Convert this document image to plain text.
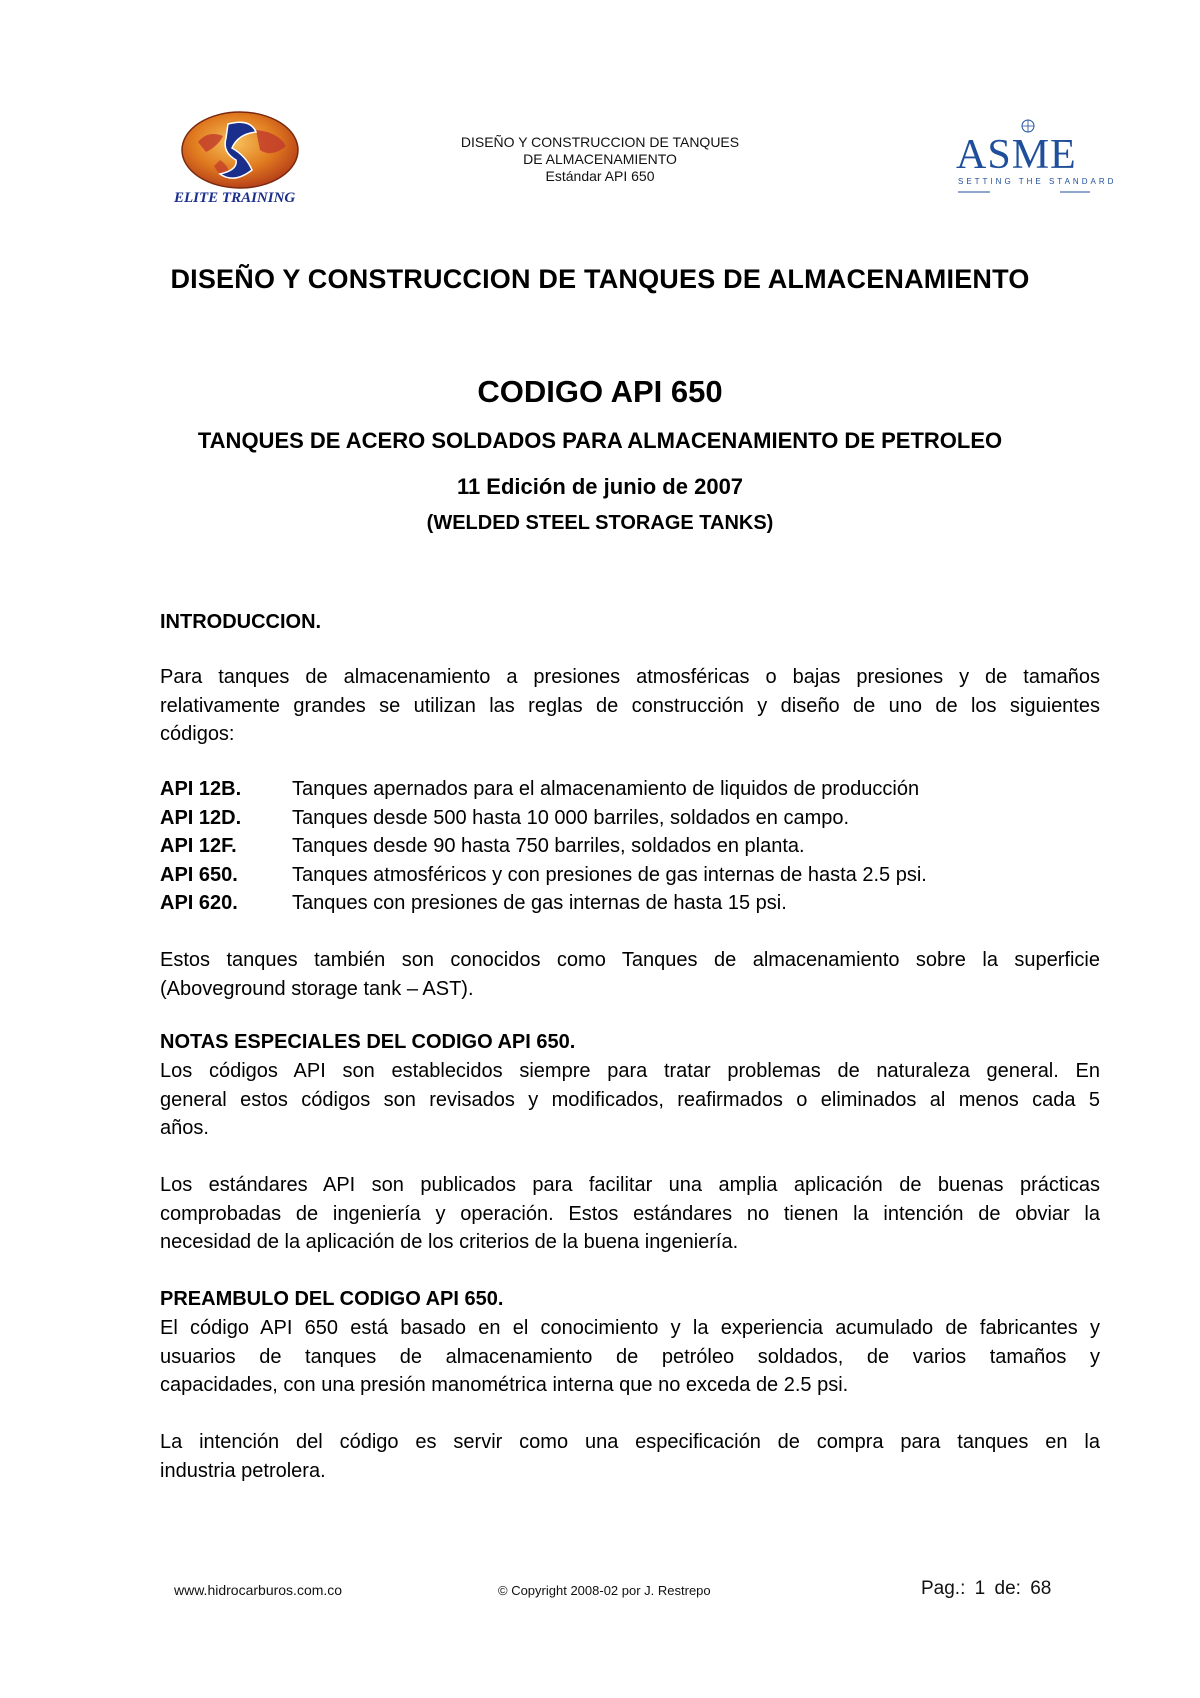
ELITE TRAINING
DISEÑO Y CONSTRUCCION DE TANQUES
DE ALMACENAMIENTO
Estándar API 650	ASME
SETTING THE STANDARD
DISEÑO Y CONSTRUCCION DE TANQUES DE ALMACENAMIENTO
CODIGO API 650
TANQUES DE ACERO SOLDADOS PARA ALMACENAMIENTO DE PETROLEO
11 Edición de junio de 2007
(WELDED STEEL STORAGE TANKS)
INTRODUCCION.
Para tanques de almacenamiento a presiones atmosféricas o bajas presiones y de tamaños
relativamente grandes se utilizan las reglas de construcción y diseño de uno de los siguientes
códigos:
API 12B.	Tanques apernados para el almacenamiento de liquidos de producción
API 12D.	Tanques desde 500 hasta 10 000 barriles, soldados en campo.
API 12F.	Tanques desde 90 hasta 750 barriles, soldados en planta.
API 650.	Tanques atmosféricos y con presiones de gas internas de hasta 2.5 psi.
API 620.	Tanques con presiones de gas internas de hasta 15 psi.
Estos tanques también son conocidos como Tanques de almacenamiento sobre la superficie
(Aboveground storage tank – AST).
NOTAS ESPECIALES DEL CODIGO API 650.
Los códigos API son establecidos siempre para tratar problemas de naturaleza general. En
general estos códigos son revisados y modificados, reafirmados o eliminados al menos cada 5
años.
Los estándares API son publicados para facilitar una amplia aplicación de buenas prácticas
comprobadas de ingeniería y operación. Estos estándares no tienen la intención de obviar la
necesidad de la aplicación de los criterios de la buena ingeniería.
PREAMBULO DEL CODIGO API 650.
El código API 650 está basado en el conocimiento y la experiencia acumulado de fabricantes y
usuarios de tanques de almacenamiento de petróleo soldados, de varios tamaños y
capacidades, con una presión manométrica interna que no exceda de 2.5 psi.
La intención del código es servir como una especificación de compra para tanques en la
industria petrolera.
www.hidrocarburos.com.co	© Copyright 2008-02 por J. Restrepo	Pag.: 1 de: 68
